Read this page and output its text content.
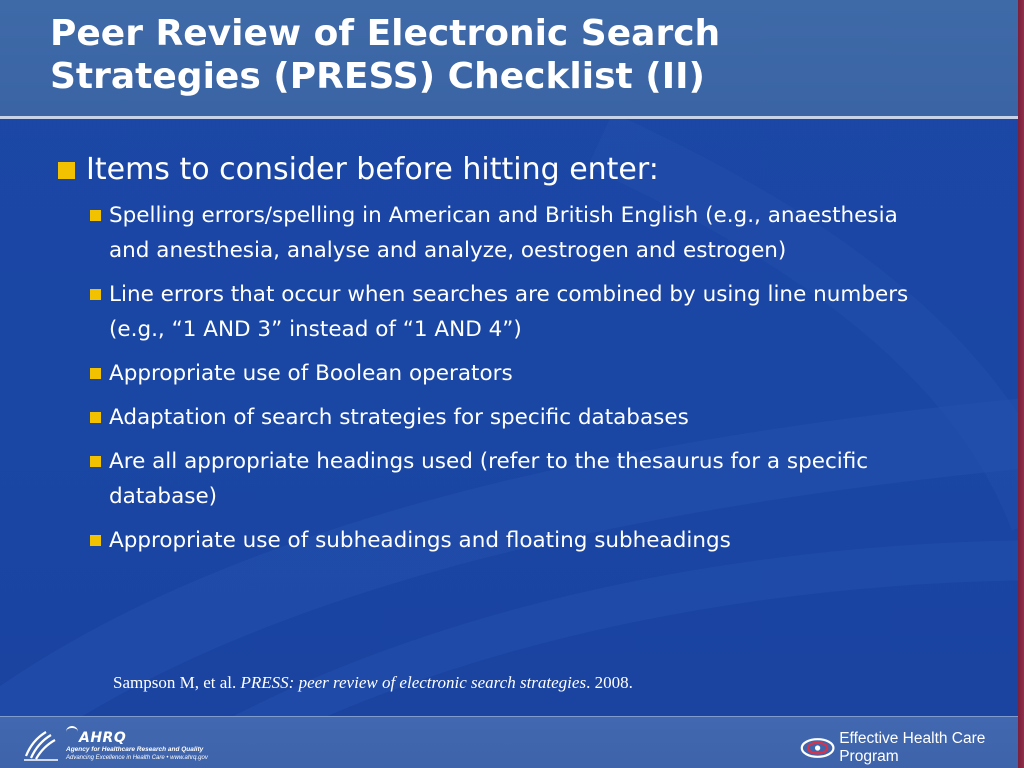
Peer Review of Electronic Search
Strategies (PRESS) Checklist (II)
Items to consider before hitting enter:
Spelling errors/spelling in American and British English (e.g., anaesthesia and anesthesia, analyse and analyze, oestrogen and estrogen)
Line errors that occur when searches are combined by using line numbers (e.g., “1 AND 3” instead of “1 AND 4”)
Appropriate use of Boolean operators
Adaptation of search strategies for specific databases
Are all appropriate headings used (refer to the thesaurus for a specific database)
Appropriate use of subheadings and floating subheadings
Sampson M, et al. PRESS: peer review of electronic search strategies. 2008.
AHRQ
Agency for Healthcare Research and Quality
Advancing Excellence in Health Care • www.ahrq.gov
Effective Health Care Program
